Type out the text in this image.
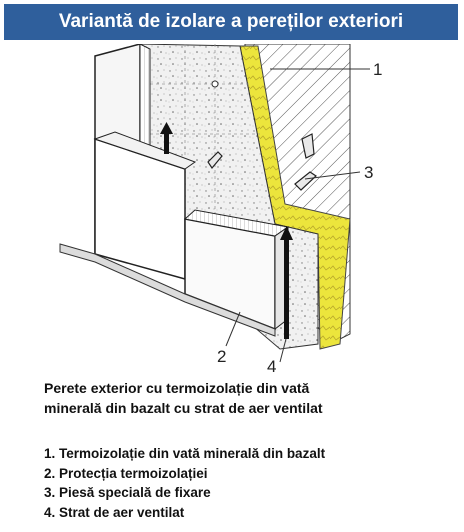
Variantă de izolare a pereților exteriori
1
3
2
4
Perete exterior cu termoizolație din vată
minerală din bazalt cu strat de aer ventilat
1. Termoizolație din vată minerală din bazalt
2. Protecția termoizolației
3. Piesă specială de fixare
4. Strat de aer ventilat
